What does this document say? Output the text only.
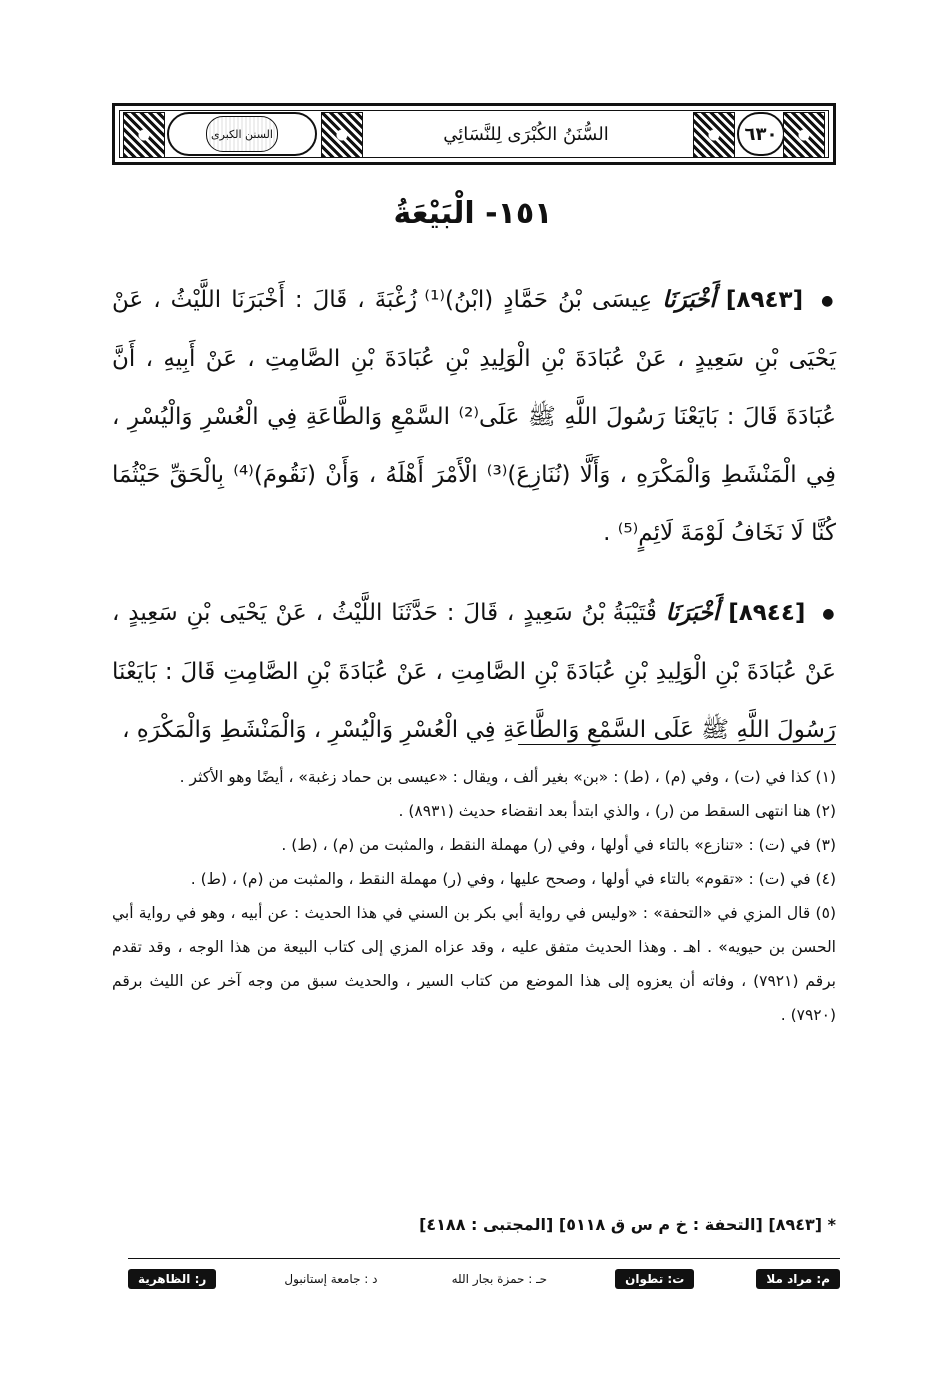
السنن الكبرى	السُّنَنُ الكُبْرَى لِلنَّسَائِي	٦٣٠
١٥١- الْبَيْعَةُ
● [٨٩٤٣] أَخْبَرَنَا عِيسَى بْنُ حَمَّادٍ (ابْنُ)⁽¹⁾ زُغْبَةَ ، قَالَ : أَخْبَرَنَا اللَّيْثُ ، عَنْ يَحْيَى بْنِ سَعِيدٍ ، عَنْ عُبَادَةَ بْنِ الْوَلِيدِ بْنِ عُبَادَةَ بْنِ الصَّامِتِ ، عَنْ أَبِيهِ ، أَنَّ عُبَادَةَ قَالَ : بَايَعْنَا رَسُولَ اللَّهِ ﷺ عَلَى⁽²⁾ السَّمْعِ وَالطَّاعَةِ فِي الْعُسْرِ وَالْيُسْرِ ، فِي الْمَنْشَطِ وَالْمَكْرَهِ ، وَأَلَّا (نُنَازِعَ)⁽³⁾ الْأَمْرَ أَهْلَهُ ، وَأَنْ (نَقُومَ)⁽⁴⁾ بِالْحَقِّ حَيْثُمَا كُنَّا لَا نَخَافُ لَوْمَةَ لَائِمٍ⁽⁵⁾ .
● [٨٩٤٤] أَخْبَرَنَا قُتَيْبَةُ بْنُ سَعِيدٍ ، قَالَ : حَدَّثَنَا اللَّيْثُ ، عَنْ يَحْيَى بْنِ سَعِيدٍ ، عَنْ عُبَادَةَ بْنِ الْوَلِيدِ بْنِ عُبَادَةَ بْنِ الصَّامِتِ ، عَنْ عُبَادَةَ بْنِ الصَّامِتِ قَالَ : بَايَعْنَا رَسُولَ اللَّهِ ﷺ عَلَى السَّمْعِ وَالطَّاعَةِ فِي الْعُسْرِ وَالْيُسْرِ ، وَالْمَنْشَطِ وَالْمَكْرَهِ ،
(١) كذا في (ت) ، وفي (م) ، (ط) : «بن» بغير ألف ، ويقال : «عيسى بن حماد زغبة» ، أيضًا وهو الأكثر .
(٢) هنا انتهى السقط من (ر) ، والذي ابتدأ بعد انقضاء حديث (٨٩٣١) .
(٣) في (ت) : «تنازع» بالتاء في أولها ، وفي (ر) مهملة النقط ، والمثبت من (م) ، (ط) .
(٤) في (ت) : «تقوم» بالتاء في أولها ، وصحح عليها ، وفي (ر) مهملة النقط ، والمثبت من (م) ، (ط) .
(٥) قال المزي في «التحفة» : «وليس في رواية أبي بكر بن السني في هذا الحديث : عن أبيه ، وهو في رواية أبي الحسن بن حيويه» . اهـ . وهذا الحديث متفق عليه ، وقد عزاه المزي إلى كتاب البيعة من هذا الوجه ، وقد تقدم برقم (٧٩٢١) ، وفاته أن يعزوه إلى هذا الموضع من كتاب السير ، والحديث سبق من وجه آخر عن الليث برقم (٧٩٢٠) .
* [٨٩٤٣] [التحفة : خ م س ق ٥١١٨] [المجتبى : ٤١٨٨]
م: مراد ملا
ت: تطوان
حـ : حمزة بجار الله
د : جامعة إستانبول
ر: الظاهرية
